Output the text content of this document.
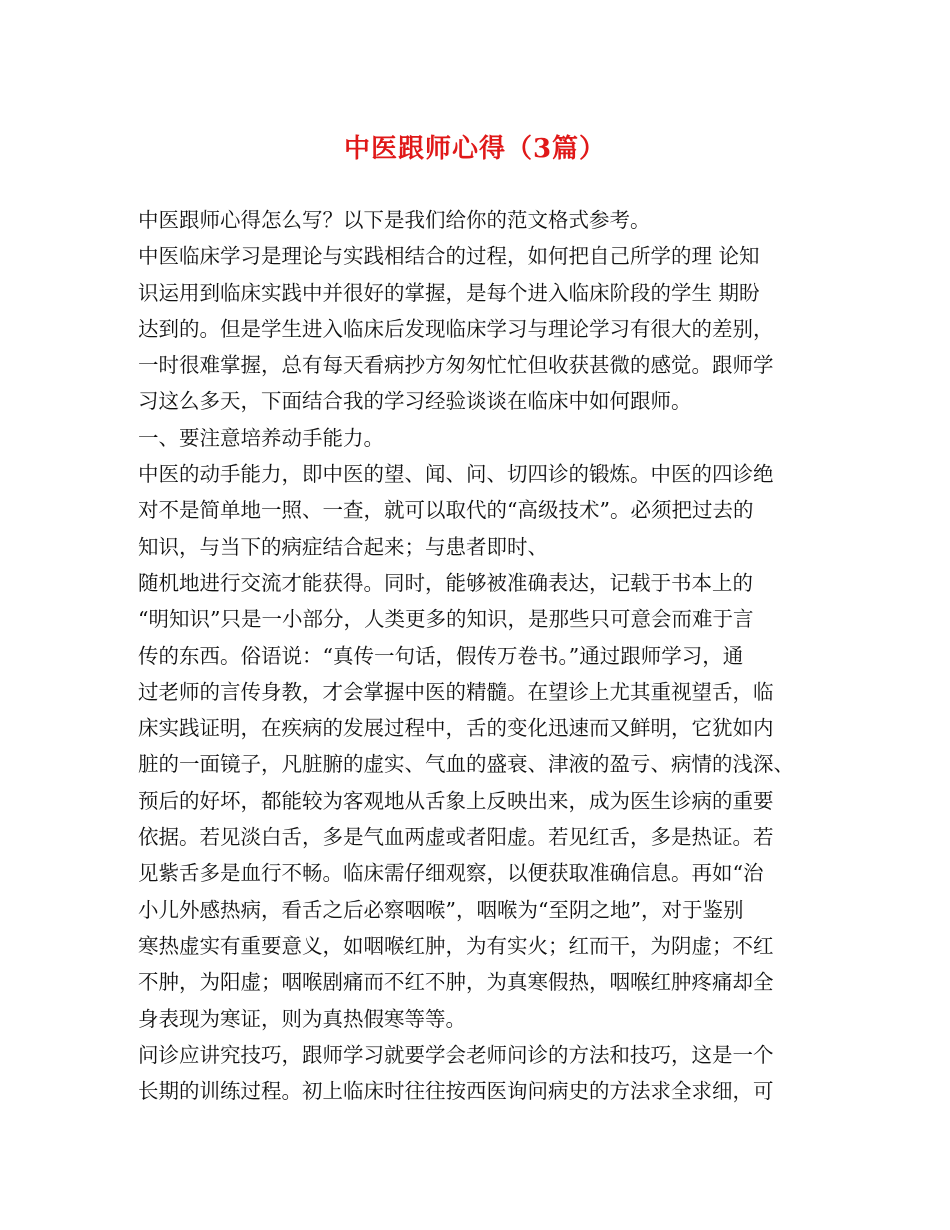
中医跟师心得（3篇）
中医跟师心得怎么写？以下是我们给你的范文格式参考。
中医临床学习是理论与实践相结合的过程，如何把自己所学的理 论知
识运用到临床实践中并很好的掌握，是每个进入临床阶段的学生 期盼
达到的。但是学生进入临床后发现临床学习与理论学习有很大的差别，
一时很难掌握，总有每天看病抄方匆匆忙忙但收获甚微的感觉。跟师学
习这么多天，下面结合我的学习经验谈谈在临床中如何跟师。
一、要注意培养动手能力。
中医的动手能力，即中医的望、闻、问、切四诊的锻炼。中医的四诊绝
对不是简单地一照、一查，就可以取代的“高级技术”。必须把过去的
知识，与当下的病症结合起来；与患者即时、
随机地进行交流才能获得。同时，能够被准确表达，记载于书本上的
“明知识”只是一小部分，人类更多的知识，是那些只可意会而难于言
传的东西。俗语说：“真传一句话，假传万卷书。”通过跟师学习，通
过老师的言传身教，才会掌握中医的精髓。在望诊上尤其重视望舌，临
床实践证明，在疾病的发展过程中，舌的变化迅速而又鲜明，它犹如内
脏的一面镜子，凡脏腑的虚实、气血的盛衰、津液的盈亏、病情的浅深、
预后的好坏，都能较为客观地从舌象上反映出来，成为医生诊病的重要
依据。若见淡白舌，多是气血两虚或者阳虚。若见红舌，多是热证。若
见紫舌多是血行不畅。临床需仔细观察，以便获取准确信息。再如“治
小儿外感热病，看舌之后必察咽喉”，咽喉为“至阴之地”，对于鉴别
寒热虚实有重要意义，如咽喉红肿，为有实火；红而干，为阴虚；不红
不肿，为阳虚；咽喉剧痛而不红不肿，为真寒假热，咽喉红肿疼痛却全
身表现为寒证，则为真热假寒等等。
问诊应讲究技巧，跟师学习就要学会老师问诊的方法和技巧，这是一个
长期的训练过程。初上临床时往往按西医询问病史的方法求全求细，可
